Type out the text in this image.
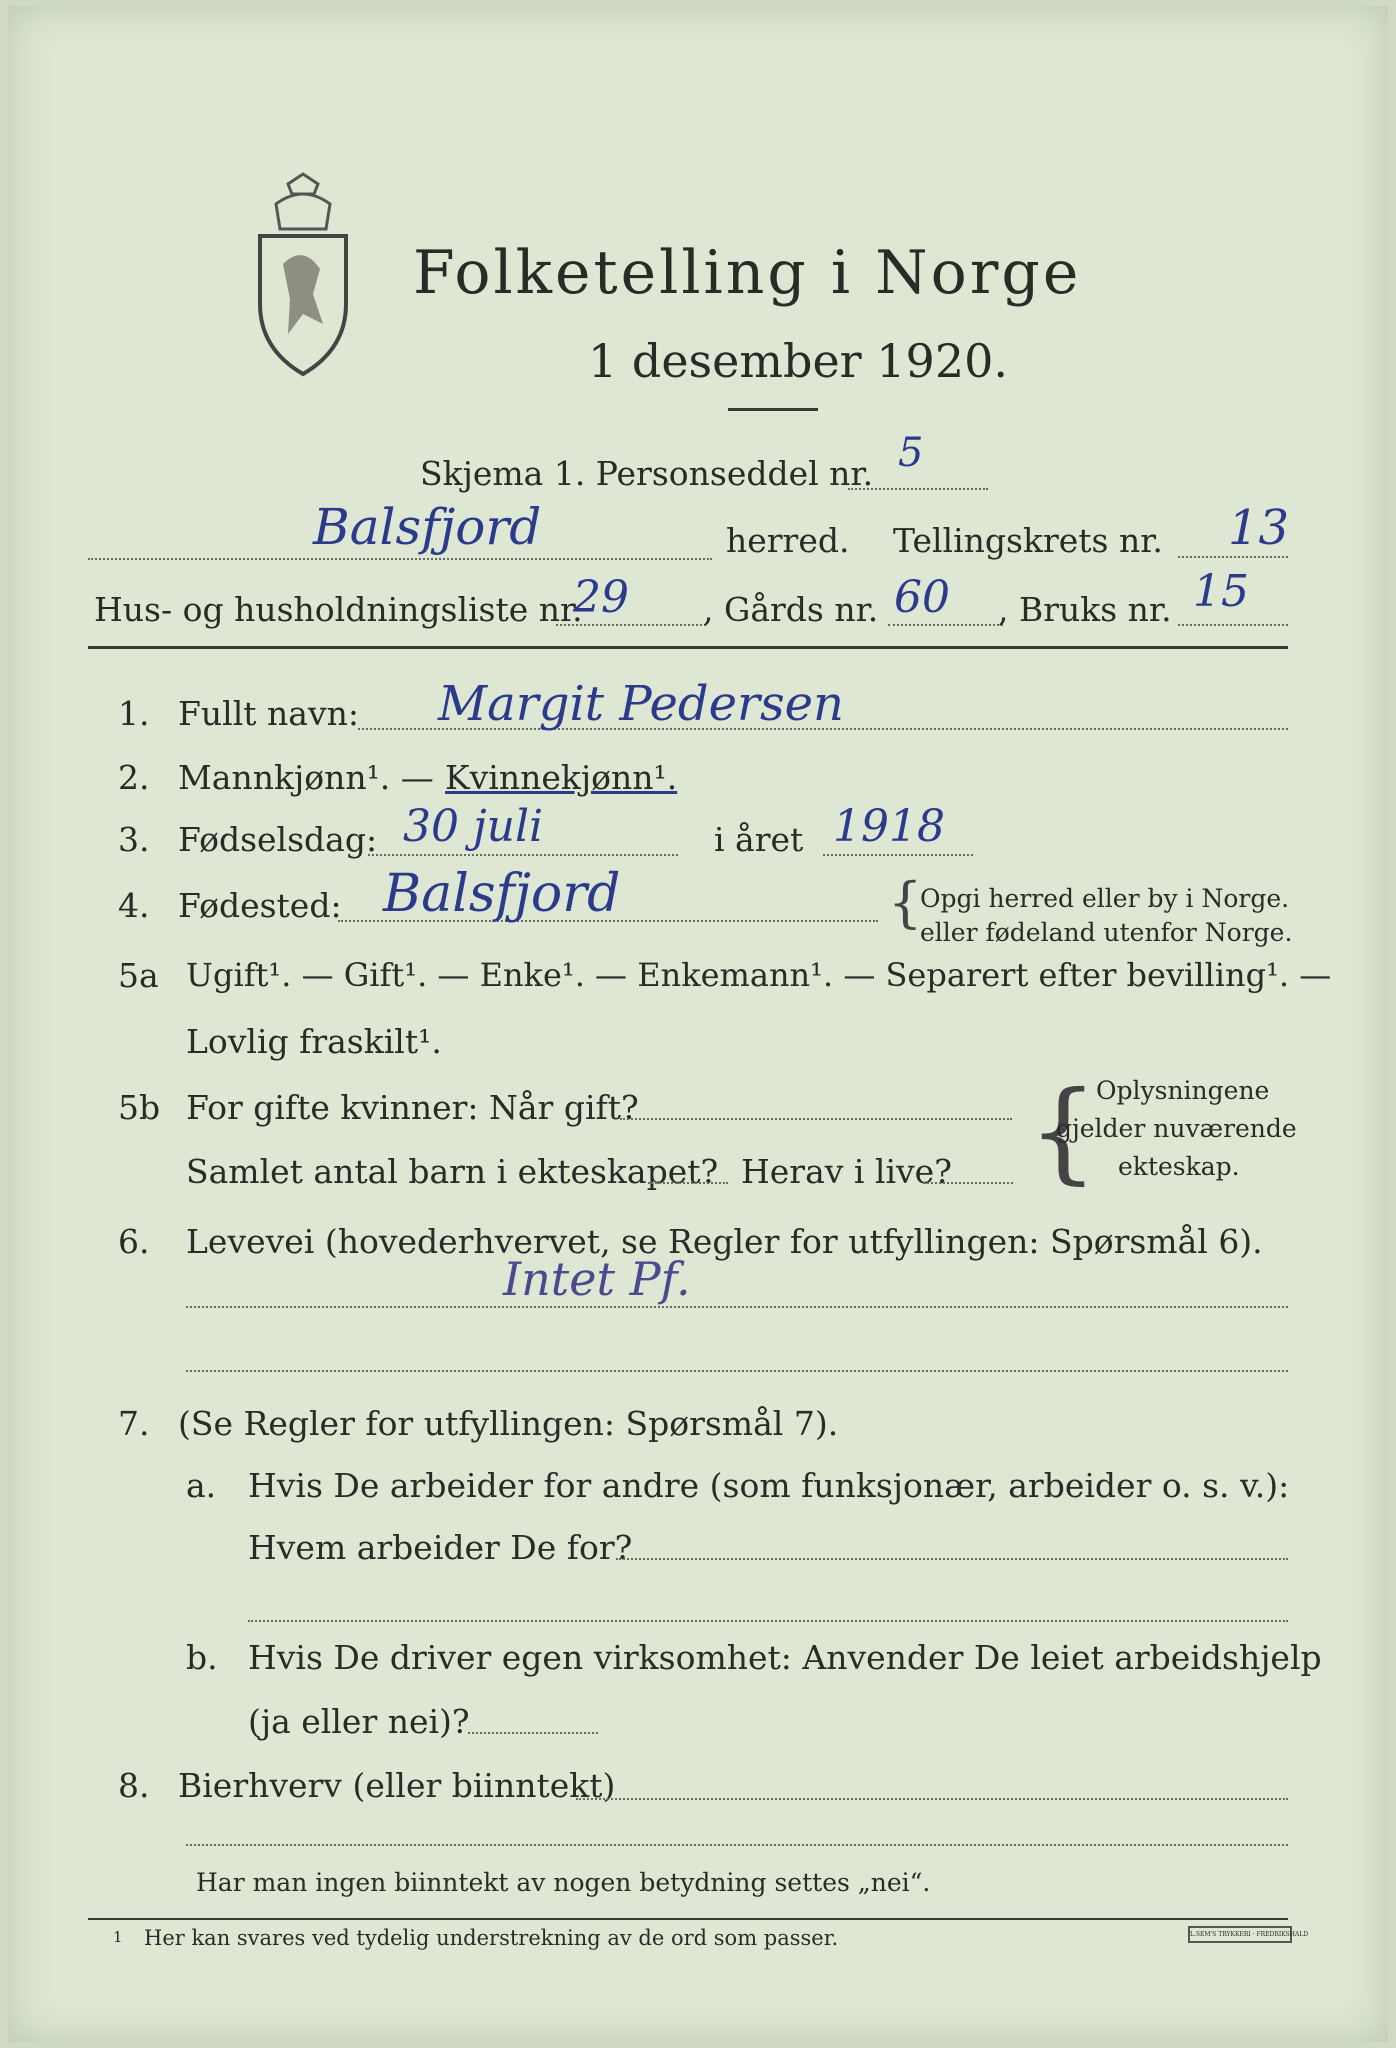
Folketelling i Norge
1 desember 1920.
Skjema 1. Personseddel nr. 5
Balsfjord	herred. Tellingskrets nr. 13
Hus- og husholdningsliste nr.
29 , Gårds nr. 60 , Bruks nr. 15
1. Fullt navn: Margit Pedersen
2. Mannkjønn¹. — Kvinnekjønn¹.
3. Fødselsdag: 30 juli	i året 1918
4. Fødested: Balsfjord	{
Opgi herred eller by i Norge.
eller fødeland utenfor Norge.
5a Ugift¹. — Gift¹. — Enke¹. — Enkemann¹. — Separert efter bevilling¹. —
Lovlig fraskilt¹.
5b For gifte kvinner: Når gift?
Samlet antal barn i ekteskapet? Herav i live? {
Oplysningene
gjelder nuværende
ekteskap.
6. Levevei (hovederhvervet, se Regler for utfyllingen: Spørsmål 6).
Intet Pf.
7. (Se Regler for utfyllingen: Spørsmål 7).
a. Hvis De arbeider for andre (som funksjonær, arbeider o. s. v.):
Hvem arbeider De for?
b. Hvis De driver egen virksomhet: Anvender De leiet arbeidshjelp
(ja eller nei)?
8. Bierhverv (eller biinntekt)
Har man ingen biinntekt av nogen betydning settes „nei“.
1 Her kan svares ved tydelig understrekning av de ord som passer.	L.SEM'S TRYKKERI · FREDRIKSHALD
